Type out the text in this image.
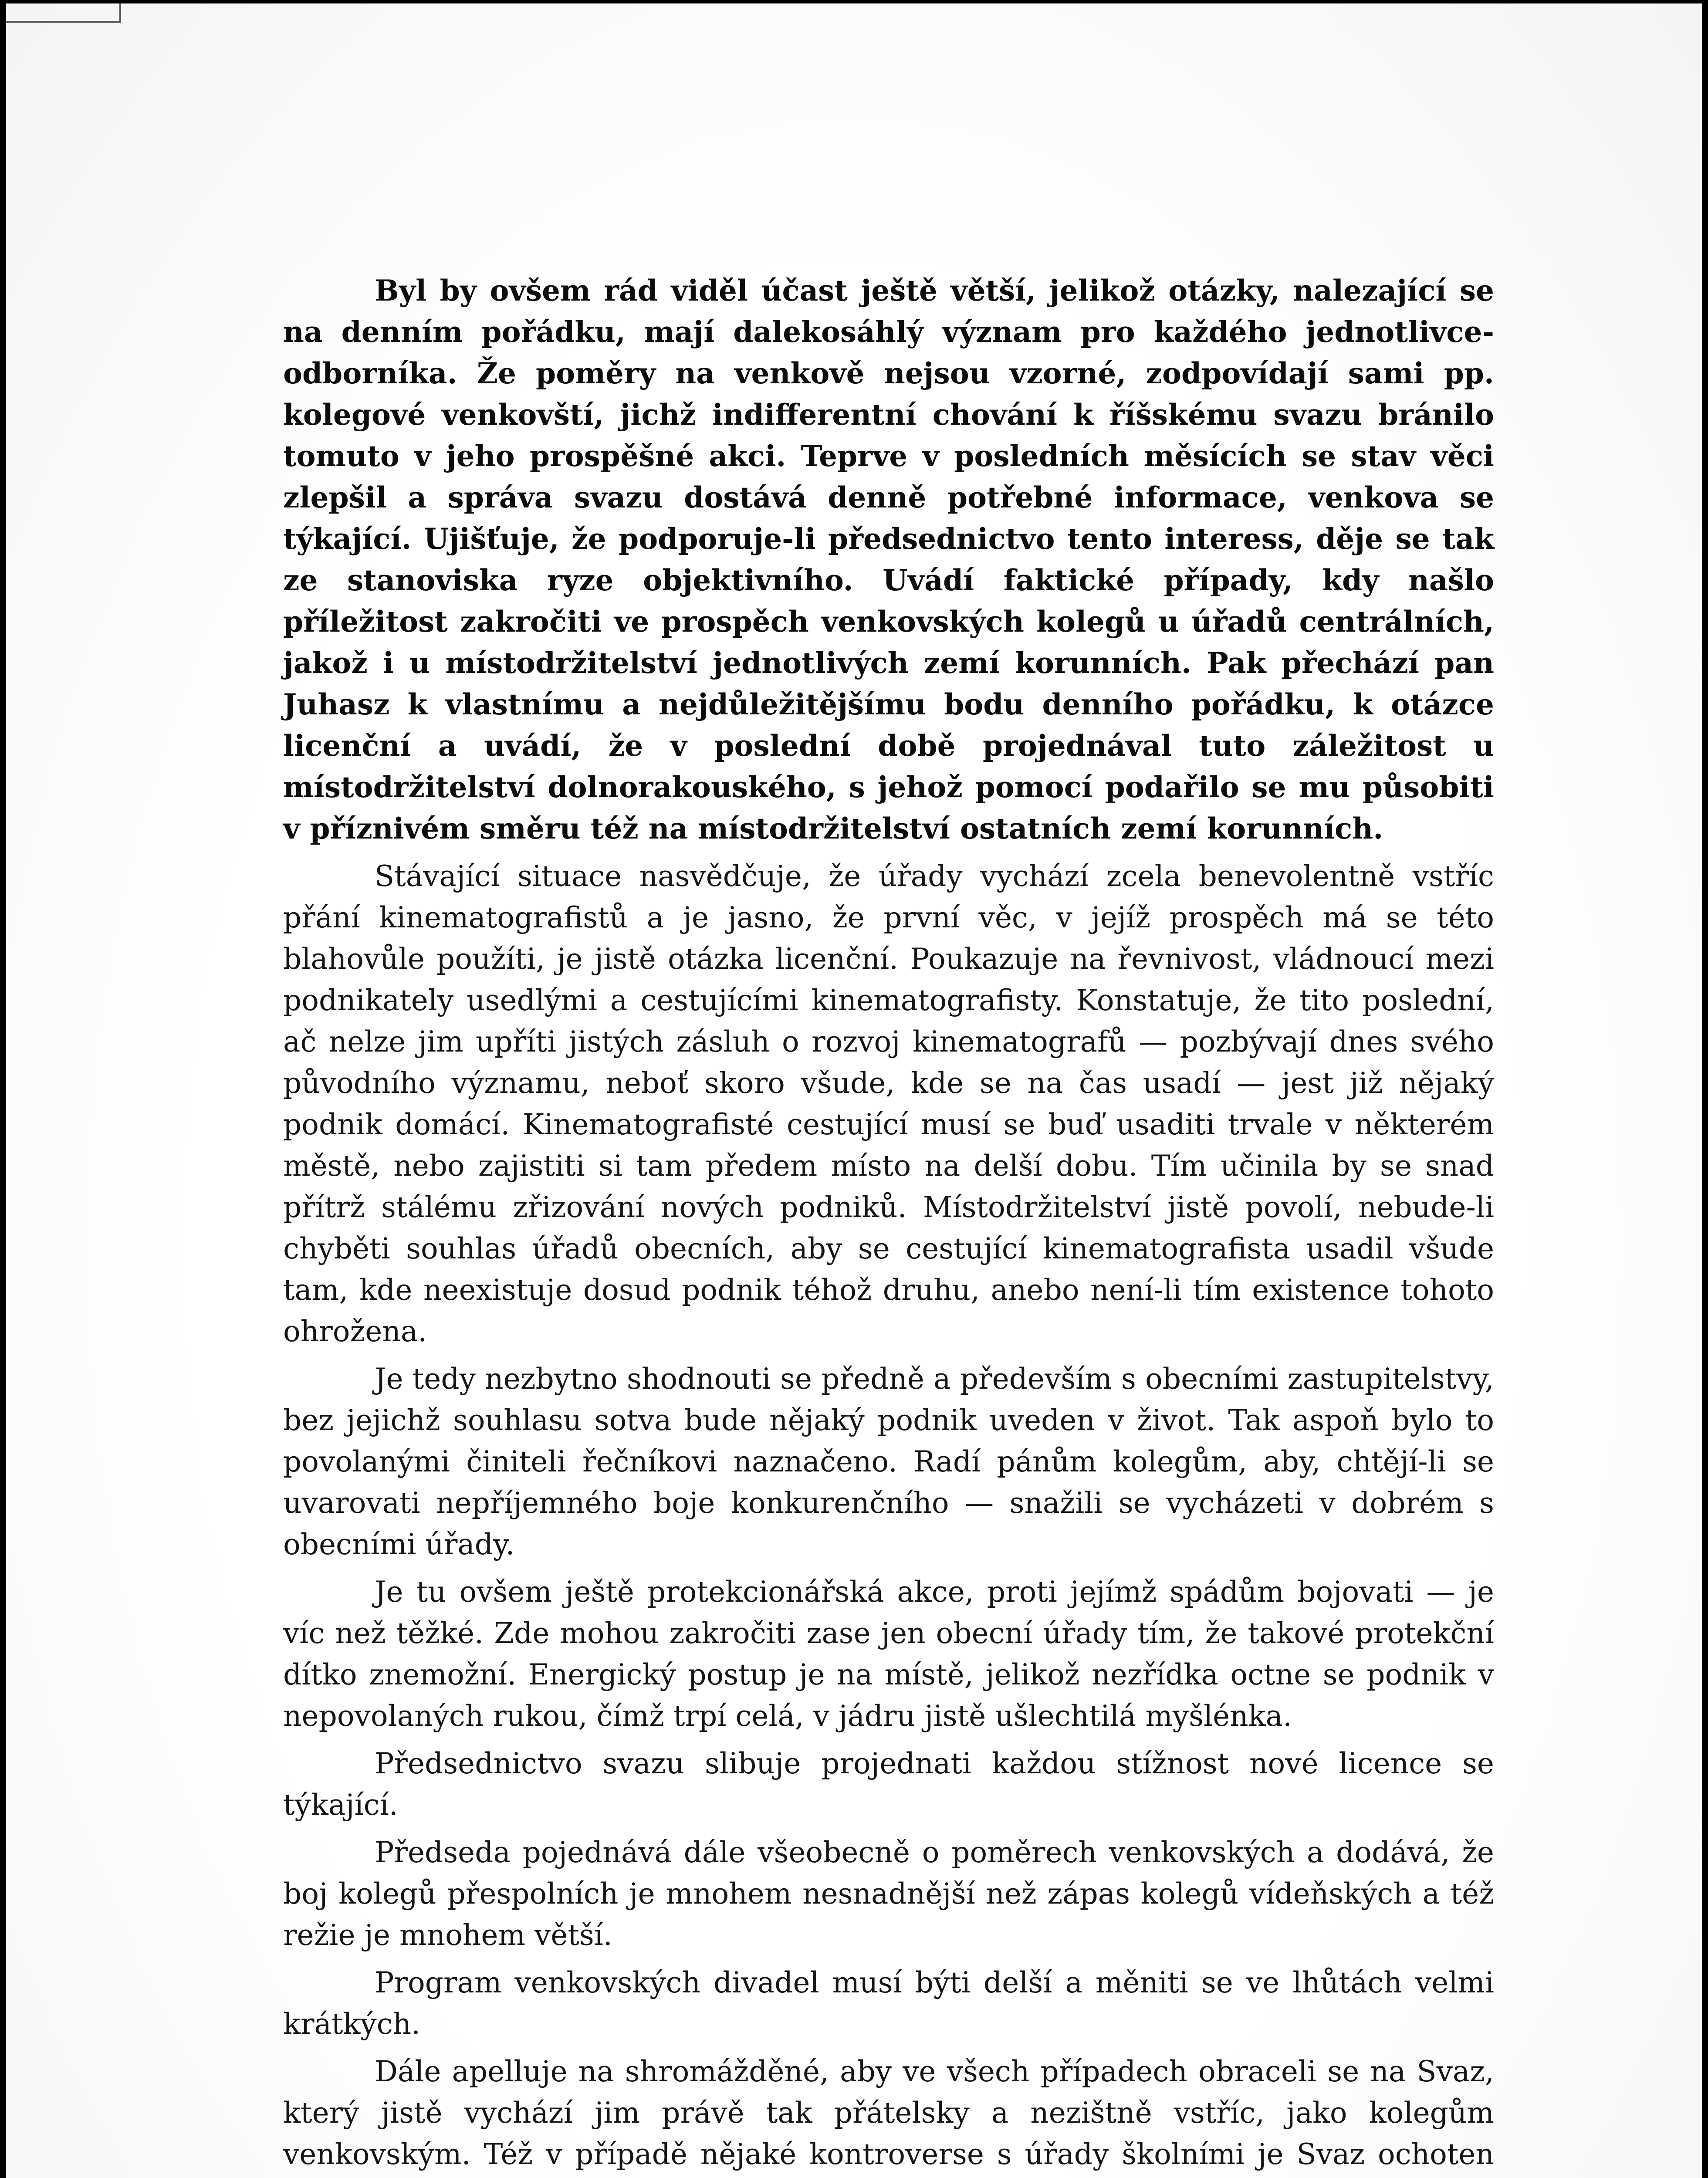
Byl by ovšem rád viděl účast ještě větší, jelikož otázky, nalezající se na denním pořádku, mají dalekosáhlý význam pro každého jednotlivce-odborníka. Že poměry na venkově nejsou vzorné, zodpovídají sami pp. kolegové venkovští, jichž indifferentní chování k říšskému svazu bránilo tomuto v jeho prospěšné akci. Teprve v posledních měsících se stav věci zlepšil a správa svazu dostává denně potřebné informace, venkova se týkající. Ujišťuje, že podporuje-li předsednictvo tento interess, děje se tak ze stanoviska ryze objektivního. Uvádí faktické případy, kdy našlo příležitost zakročiti ve prospěch venkovských kolegů u úřadů centrálních, jakož i u místodržitelství jednotlivých zemí korunních. Pak přechází pan Juhasz k vlastnímu a nejdůležitějšímu bodu denního pořádku, k otázce licenční a uvádí, že v poslední době projednával tuto záležitost u místodržitelství dolnorakouského, s jehož pomocí podařilo se mu působiti v příznivém směru též na místodržitelství ostatních zemí korunních.

Stávající situace nasvědčuje, že úřady vychází zcela benevolentně vstříc přání kinematografistů a je jasno, že první věc, v jejíž prospěch má se této blahovůle použíti, je jistě otázka licenční. Poukazuje na řevnivost, vládnoucí mezi podnikately usedlými a cestujícími kinematografisty. Konstatuje, že tito poslední, ač nelze jim upříti jistých zásluh o rozvoj kinematografů — pozbývají dnes svého původního významu, neboť skoro všude, kde se na čas usadí — jest již nějaký podnik domácí. Kinematografisté cestující musí se buď usaditi trvale v některém městě, nebo zajistiti si tam předem místo na delší dobu. Tím učinila by se snad přítrž stálému zřizování nových podniků. Místodržitelství jistě povolí, nebude-li chyběti souhlas úřadů obecních, aby se cestující kinematografista usadil všude tam, kde neexistuje dosud podnik téhož druhu, anebo není-li tím existence tohoto ohrožena.

Je tedy nezbytno shodnouti se předně a především s obecními zastupitelstvy, bez jejichž souhlasu sotva bude nějaký podnik uveden v život. Tak aspoň bylo to povolanými činiteli řečníkovi naznačeno. Radí pánům kolegům, aby, chtějí-li se uvarovati nepříjemného boje konkurenčního — snažili se vycházeti v dobrém s obecními úřady.

Je tu ovšem ještě protekcionářská akce, proti jejímž spádům bojovati — je víc než těžké. Zde mohou zakročiti zase jen obecní úřady tím, že takové protekční dítko znemožní. Energický postup je na místě, jelikož nezřídka octne se podnik v nepovolaných rukou, čímž trpí celá, v jádru jistě ušlechtilá myšlénka.

Předsednictvo svazu slibuje projednati každou stížnost nové licence se týkající.

Předseda pojednává dále všeobecně o poměrech venkovských a dodává, že boj kolegů přespolních je mnohem nesnadnější než zápas kolegů vídeňských a též režie je mnohem větší.

Program venkovských divadel musí býti delší a měniti se ve lhůtách velmi krátkých.

Dále apelluje na shromážděné, aby ve všech případech obraceli se na Svaz, který jistě vychází jim právě tak přátelsky a nezištně vstříc, jako kolegům venkovským. Též v případě nějaké kontroverse s úřady školními je Svaz ochoten
